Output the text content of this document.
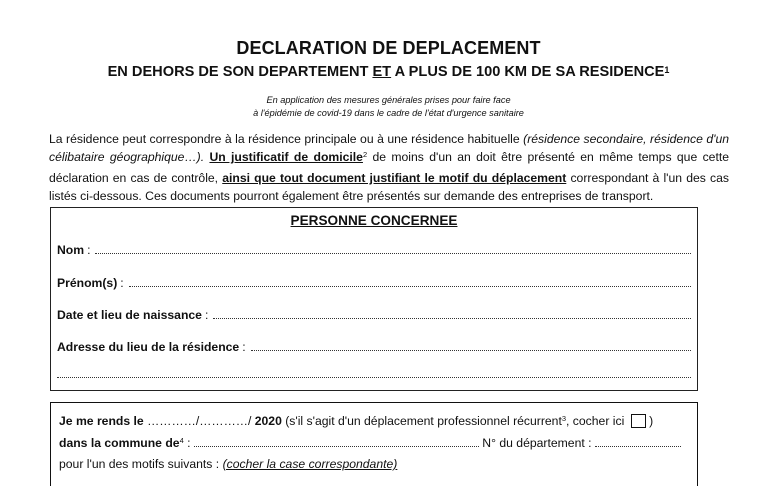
DECLARATION DE DEPLACEMENT
EN DEHORS DE SON DEPARTEMENT ET A PLUS DE 100 KM DE SA RESIDENCE$^1$
En application des mesures générales prises pour faire face
à l'épidémie de covid-19 dans le cadre de l'état d'urgence sanitaire
La résidence peut correspondre à la résidence principale ou à une résidence habituelle (résidence secondaire, résidence d'un célibataire géographique…). Un justificatif de domicile$^2$ de moins d'un an doit être présenté en même temps que cette déclaration en cas de contrôle, ainsi que tout document justifiant le motif du déplacement correspondant à l'un des cas listés ci-dessous. Ces documents pourront également être présentés sur demande des entreprises de transport.
PERSONNE CONCERNEE
Nom :
Prénom(s) :
Date et lieu de naissance :
Adresse du lieu de la résidence :
Je me rends le …………/…………/ 2020 (s'il s'agit d'un déplacement professionnel récurrent$^3$, cocher ici )
dans la commune $de^4$ :	N° du département :
pour l'un des motifs suivants : (cocher la case correspondante)
